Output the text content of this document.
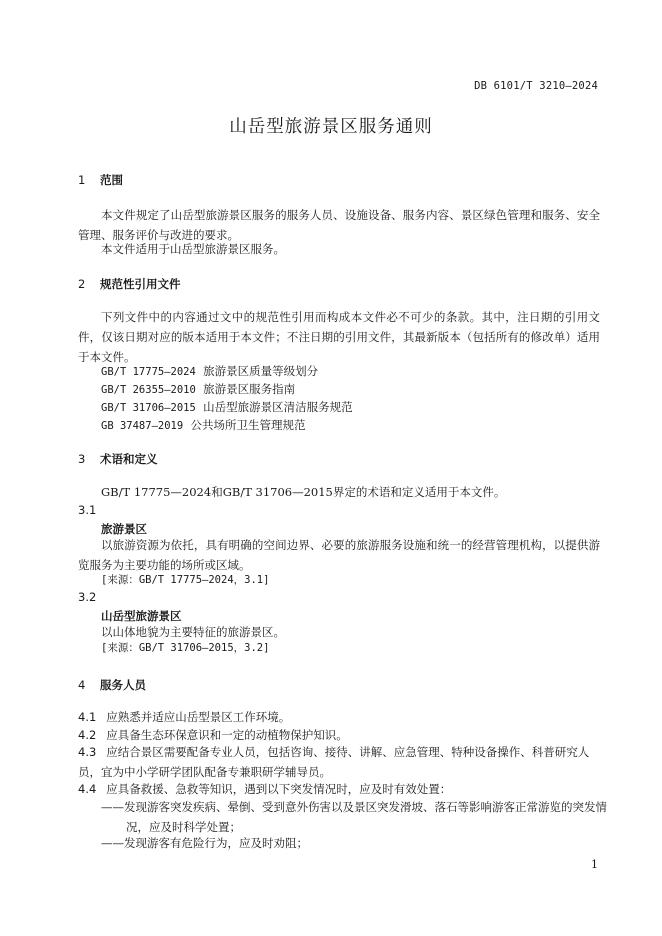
DB 6101/T 3210—2024
山岳型旅游景区服务通则
1 范围

本文件规定了山岳型旅游景区服务的服务人员、设施设备、服务内容、景区绿色管理和服务、安全管理、服务评价与改进的要求。

本文件适用于山岳型旅游景区服务。

2 规范性引用文件

下列文件中的内容通过文中的规范性引用而构成本文件必不可少的条款。其中，注日期的引用文件，仅该日期对应的版本适用于本文件；不注日期的引用文件，其最新版本（包括所有的修改单）适用于本文件。

GB/T 17775—2024 旅游景区质量等级划分
GB/T 26355—2010 旅游景区服务指南
GB/T 31706—2015 山岳型旅游景区清洁服务规范
GB 37487—2019 公共场所卫生管理规范
3 术语和定义

GB/T 17775—2024和GB/T 31706—2015界定的术语和定义适用于本文件。

3.1
旅游景区

以旅游资源为依托，具有明确的空间边界、必要的旅游服务设施和统一的经营管理机构，以提供游览服务为主要功能的场所或区域。

[来源：GB/T 17775—2024，3.1]
3.2
山岳型旅游景区

以山体地貌为主要特征的旅游景区。

[来源：GB/T 31706—2015，3.2]
4 服务人员

4.1 应熟悉并适应山岳型景区工作环境。

4.2 应具备生态环保意识和一定的动植物保护知识。

4.3 应结合景区需要配备专业人员，包括咨询、接待、讲解、应急管理、特种设备操作、科普研究人员，宜为中小学研学团队配备专兼职研学辅导员。

4.4 应具备救援、急救等知识，遇到以下突发情况时，应及时有效处置：

——发现游客突发疾病、晕倒、受到意外伤害以及景区突发滑坡、落石等影响游客正常游览的突发情况，应及时科学处置；

——发现游客有危险行为，应及时劝阻；

1
